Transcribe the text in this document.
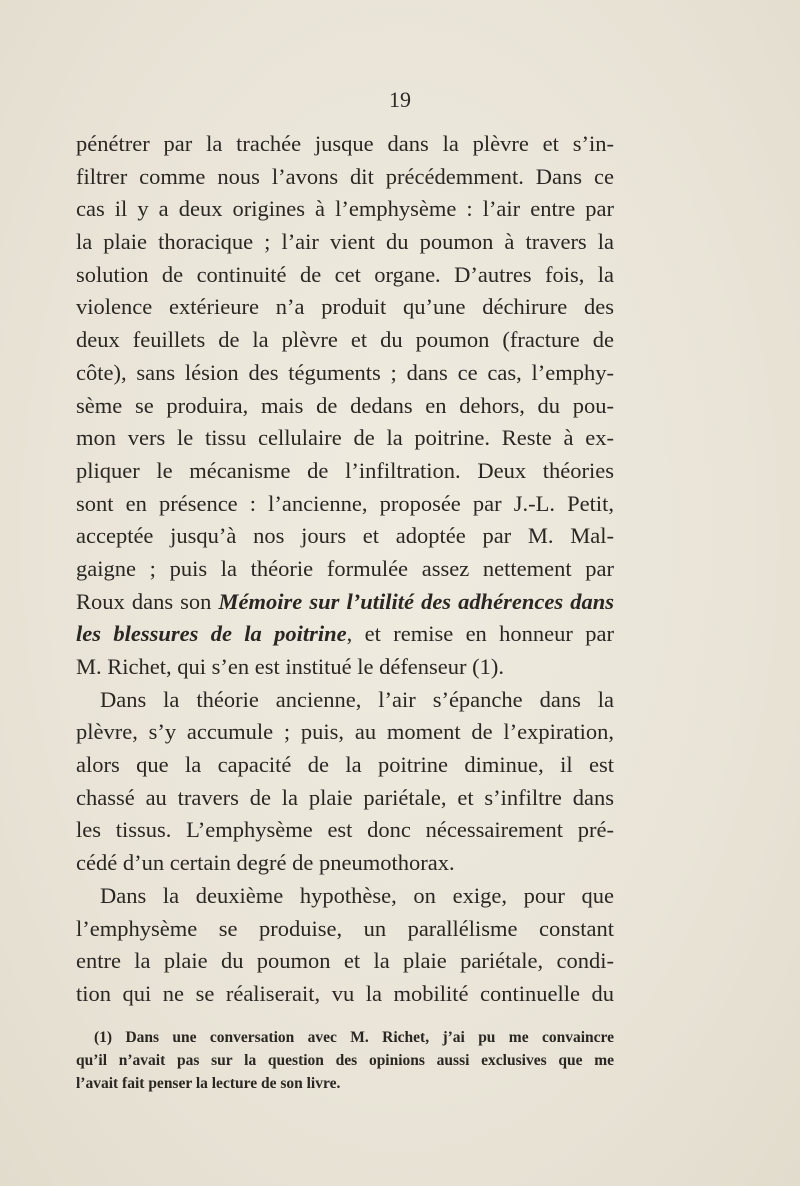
19
pénétrer par la trachée jusque dans la plèvre et s’in-
filtrer comme nous l’avons dit précédemment. Dans ce
cas il y a deux origines à l’emphysème : l’air entre par
la plaie thoracique ; l’air vient du poumon à travers la
solution de continuité de cet organe. D’autres fois, la
violence extérieure n’a produit qu’une déchirure des
deux feuillets de la plèvre et du poumon (fracture de
côte), sans lésion des téguments ; dans ce cas, l’emphy-
sème se produira, mais de dedans en dehors, du pou-
mon vers le tissu cellulaire de la poitrine. Reste à ex-
pliquer le mécanisme de l’infiltration. Deux théories
sont en présence : l’ancienne, proposée par J.-L. Petit,
acceptée jusqu’à nos jours et adoptée par M. Mal-
gaigne ; puis la théorie formulée assez nettement par
Roux dans son Mémoire sur l’utilité des adhérences dans
les blessures de la poitrine, et remise en honneur par
M. Richet, qui s’en est institué le défenseur (1).
Dans la théorie ancienne, l’air s’épanche dans la
plèvre, s’y accumule ; puis, au moment de l’expiration,
alors que la capacité de la poitrine diminue, il est
chassé au travers de la plaie pariétale, et s’infiltre dans
les tissus. L’emphysème est donc nécessairement pré-
cédé d’un certain degré de pneumothorax.
Dans la deuxième hypothèse, on exige, pour que
l’emphysème se produise, un parallélisme constant
entre la plaie du poumon et la plaie pariétale, condi-
tion qui ne se réaliserait, vu la mobilité continuelle du
(1) Dans une conversation avec M. Richet, j’ai pu me convaincre
qu’il n’avait pas sur la question des opinions aussi exclusives que me
l’avait fait penser la lecture de son livre.
